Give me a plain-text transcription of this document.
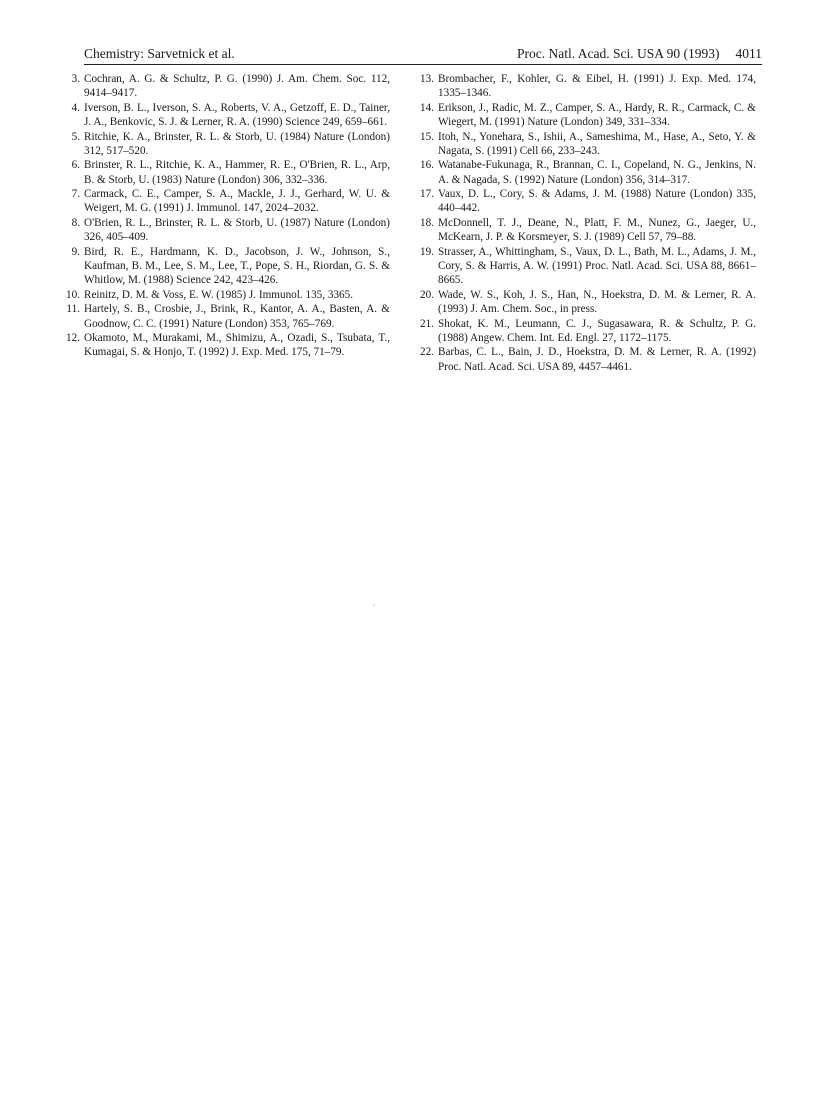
Chemistry: Sarvetnick et al.	Proc. Natl. Acad. Sci. USA 90 (1993) 4011
3. Cochran, A. G. & Schultz, P. G. (1990) J. Am. Chem. Soc. 112, 9414–9417.
4. Iverson, B. L., Iverson, S. A., Roberts, V. A., Getzoff, E. D., Tainer, J. A., Benkovic, S. J. & Lerner, R. A. (1990) Science 249, 659–661.
5. Ritchie, K. A., Brinster, R. L. & Storb, U. (1984) Nature (London) 312, 517–520.
6. Brinster, R. L., Ritchie, K. A., Hammer, R. E., O'Brien, R. L., Arp, B. & Storb, U. (1983) Nature (London) 306, 332–336.
7. Carmack, C. E., Camper, S. A., Mackle, J. J., Gerhard, W. U. & Weigert, M. G. (1991) J. Immunol. 147, 2024–2032.
8. O'Brien, R. L., Brinster, R. L. & Storb, U. (1987) Nature (London) 326, 405–409.
9. Bird, R. E., Hardmann, K. D., Jacobson, J. W., Johnson, S., Kaufman, B. M., Lee, S. M., Lee, T., Pope, S. H., Riordan, G. S. & Whitlow, M. (1988) Science 242, 423–426.
10. Reinitz, D. M. & Voss, E. W. (1985) J. Immunol. 135, 3365.
11. Hartely, S. B., Crosbie, J., Brink, R., Kantor, A. A., Basten, A. & Goodnow, C. C. (1991) Nature (London) 353, 765–769.
12. Okamoto, M., Murakami, M., Shimizu, A., Ozadi, S., Tsubata, T., Kumagai, S. & Honjo, T. (1992) J. Exp. Med. 175, 71–79.
13. Brombacher, F., Kohler, G. & Eibel, H. (1991) J. Exp. Med. 174, 1335–1346.
14. Erikson, J., Radic, M. Z., Camper, S. A., Hardy, R. R., Carmack, C. & Wiegert, M. (1991) Nature (London) 349, 331–334.
15. Itoh, N., Yonehara, S., Ishii, A., Sameshima, M., Hase, A., Seto, Y. & Nagata, S. (1991) Cell 66, 233–243.
16. Watanabe-Fukunaga, R., Brannan, C. I., Copeland, N. G., Jenkins, N. A. & Nagada, S. (1992) Nature (London) 356, 314–317.
17. Vaux, D. L., Cory, S. & Adams, J. M. (1988) Nature (London) 335, 440–442.
18. McDonnell, T. J., Deane, N., Platt, F. M., Nunez, G., Jaeger, U., McKearn, J. P. & Korsmeyer, S. J. (1989) Cell 57, 79–88.
19. Strasser, A., Whittingham, S., Vaux, D. L., Bath, M. L., Adams, J. M., Cory, S. & Harris, A. W. (1991) Proc. Natl. Acad. Sci. USA 88, 8661–8665.
20. Wade, W. S., Koh, J. S., Han, N., Hoekstra, D. M. & Lerner, R. A. (1993) J. Am. Chem. Soc., in press.
21. Shokat, K. M., Leumann, C. J., Sugasawara, R. & Schultz, P. G. (1988) Angew. Chem. Int. Ed. Engl. 27, 1172–1175.
22. Barbas, C. L., Bain, J. D., Hoekstra, D. M. & Lerner, R. A. (1992) Proc. Natl. Acad. Sci. USA 89, 4457–4461.
